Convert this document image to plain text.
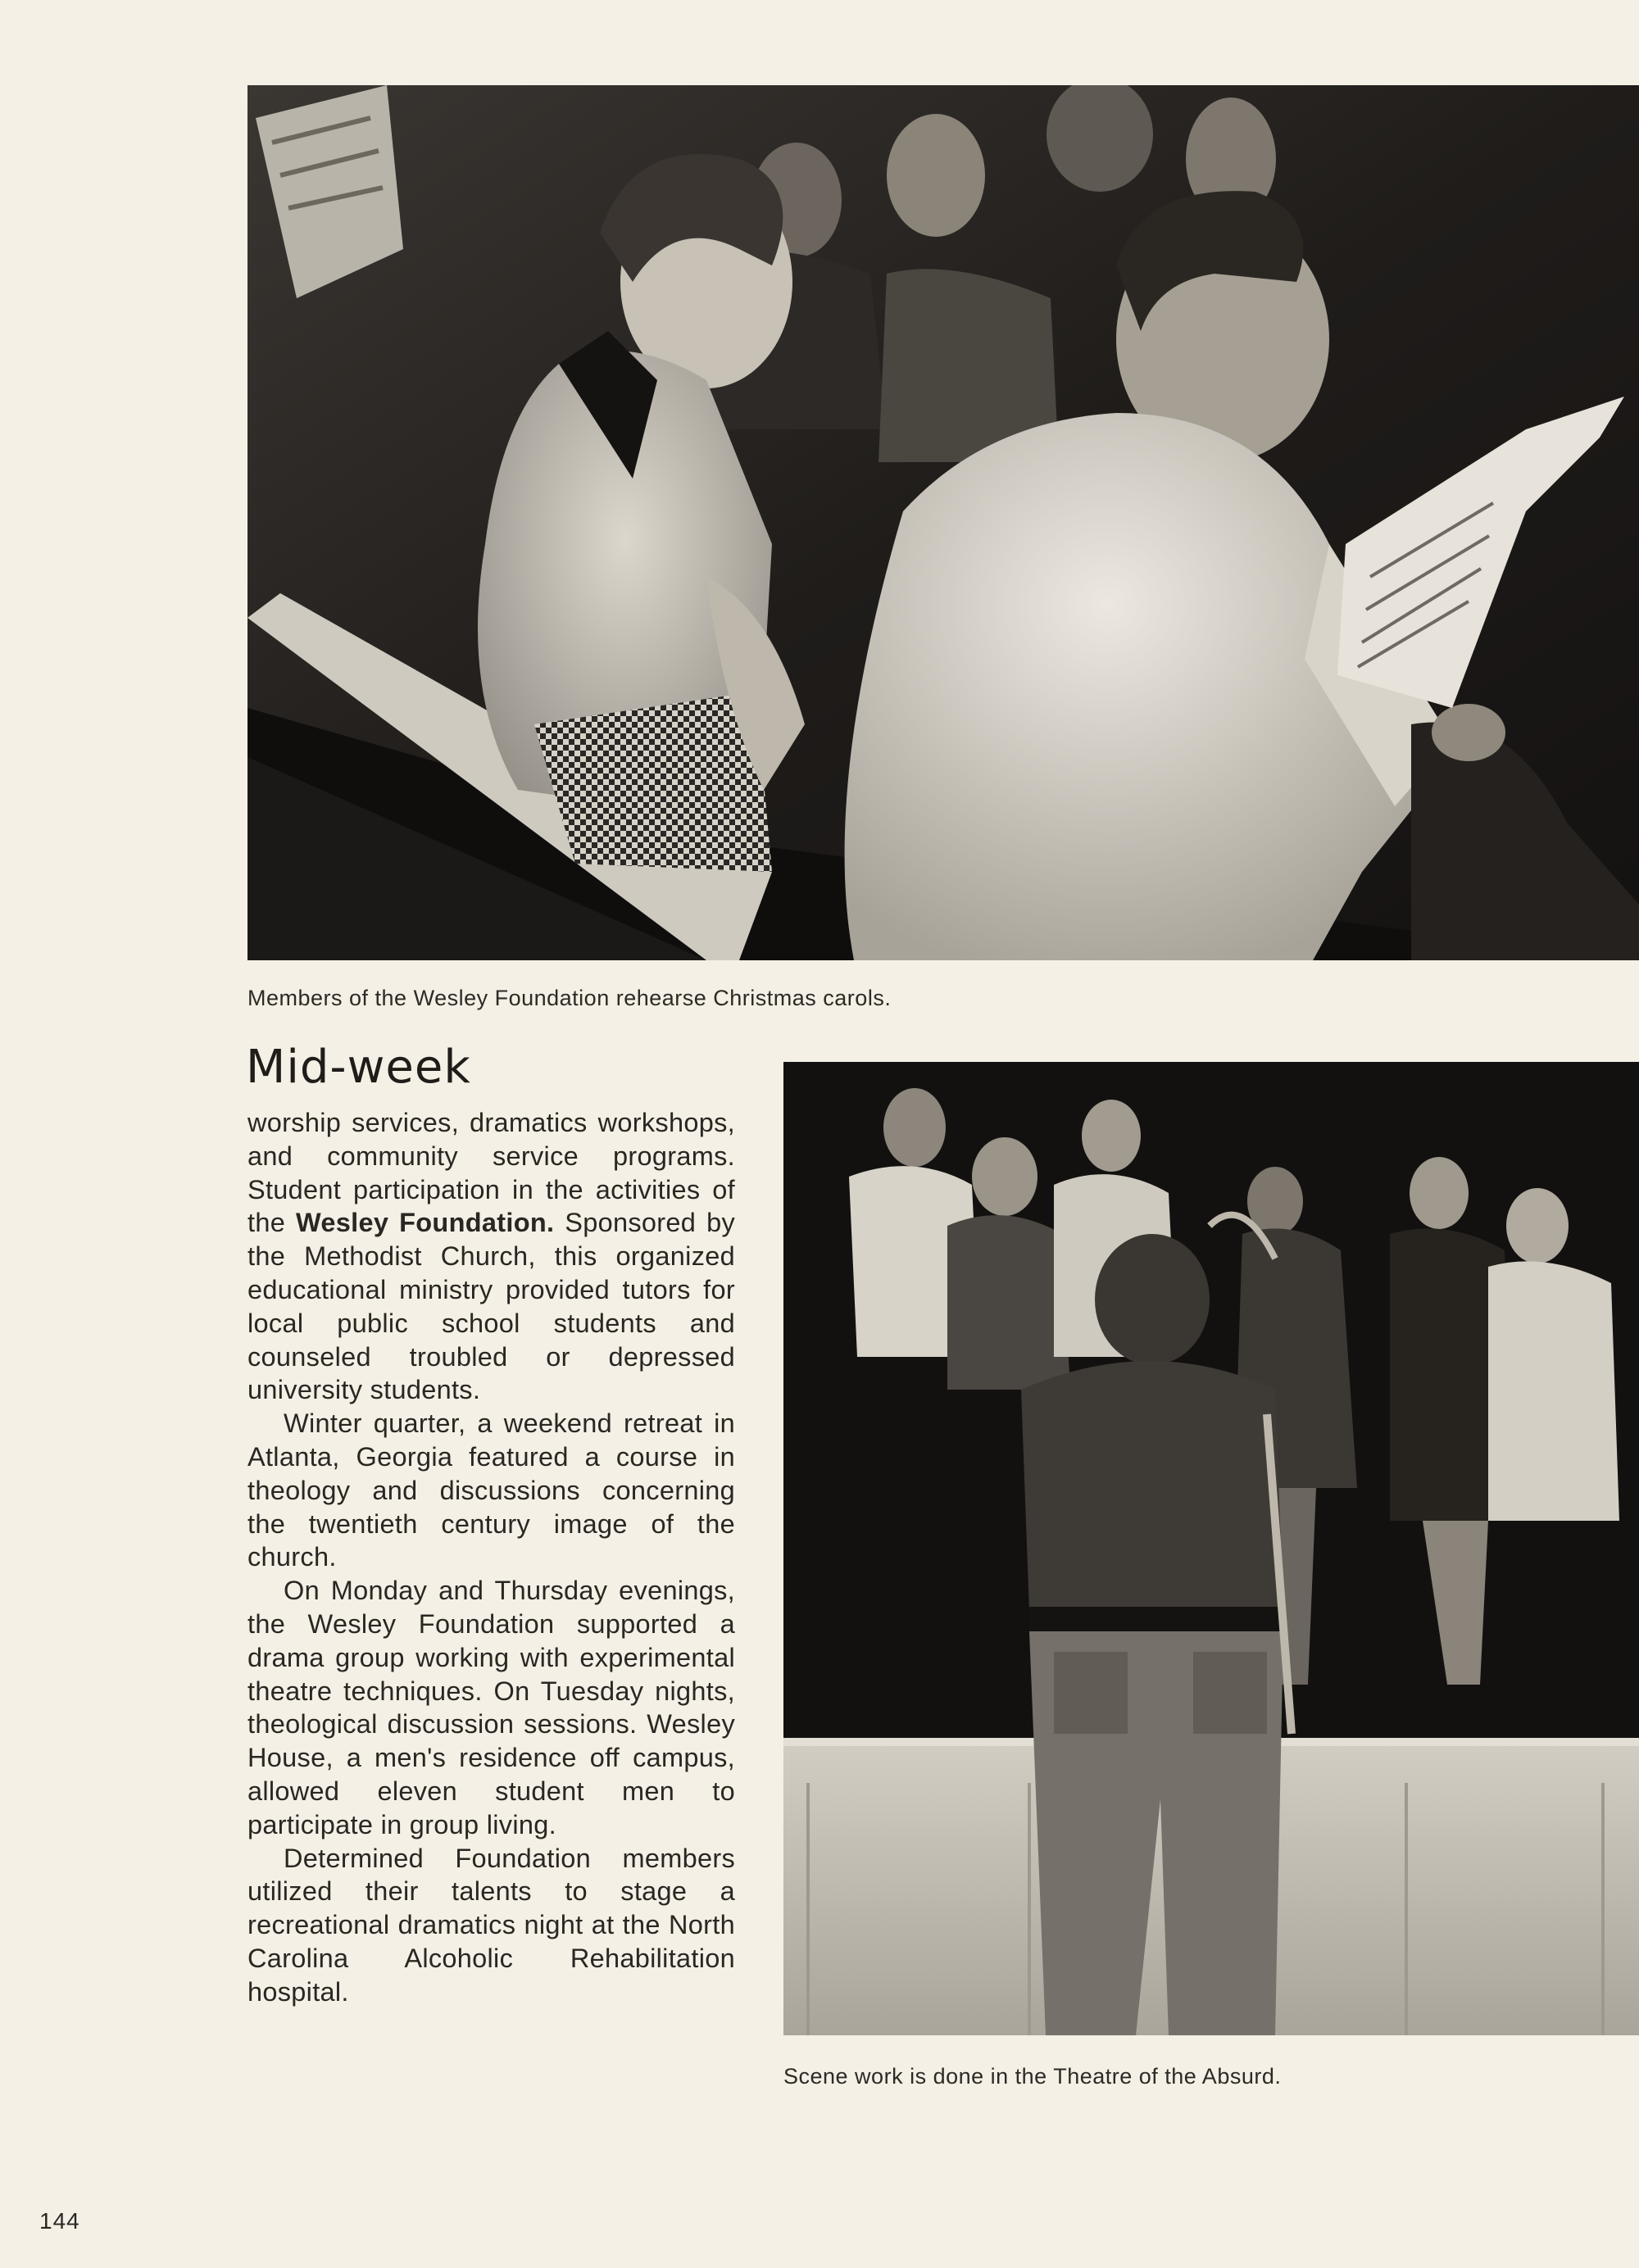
Members of the Wesley Foundation rehearse Christmas carols.
Mid-week

worship services, dramatics workshops, and community service programs. Student participation in the activities of the Wesley Foundation. Sponsored by the Methodist Church, this organized educational ministry provided tutors for local public school students and counseled troubled or depressed university students.

Winter quarter, a weekend retreat in Atlanta, Georgia featured a course in theology and discussions concerning the twentieth century image of the church.

On Monday and Thursday evenings, the Wesley Foundation supported a drama group working with experimental theatre techniques. On Tuesday nights, theological discussion sessions. Wesley House, a men's residence off campus, allowed eleven student men to participate in group living.

Determined Foundation members utilized their talents to stage a recreational dramatics night at the North Carolina Alcoholic Rehabilitation hospital.

Scene work is done in the Theatre of the Absurd.
144
